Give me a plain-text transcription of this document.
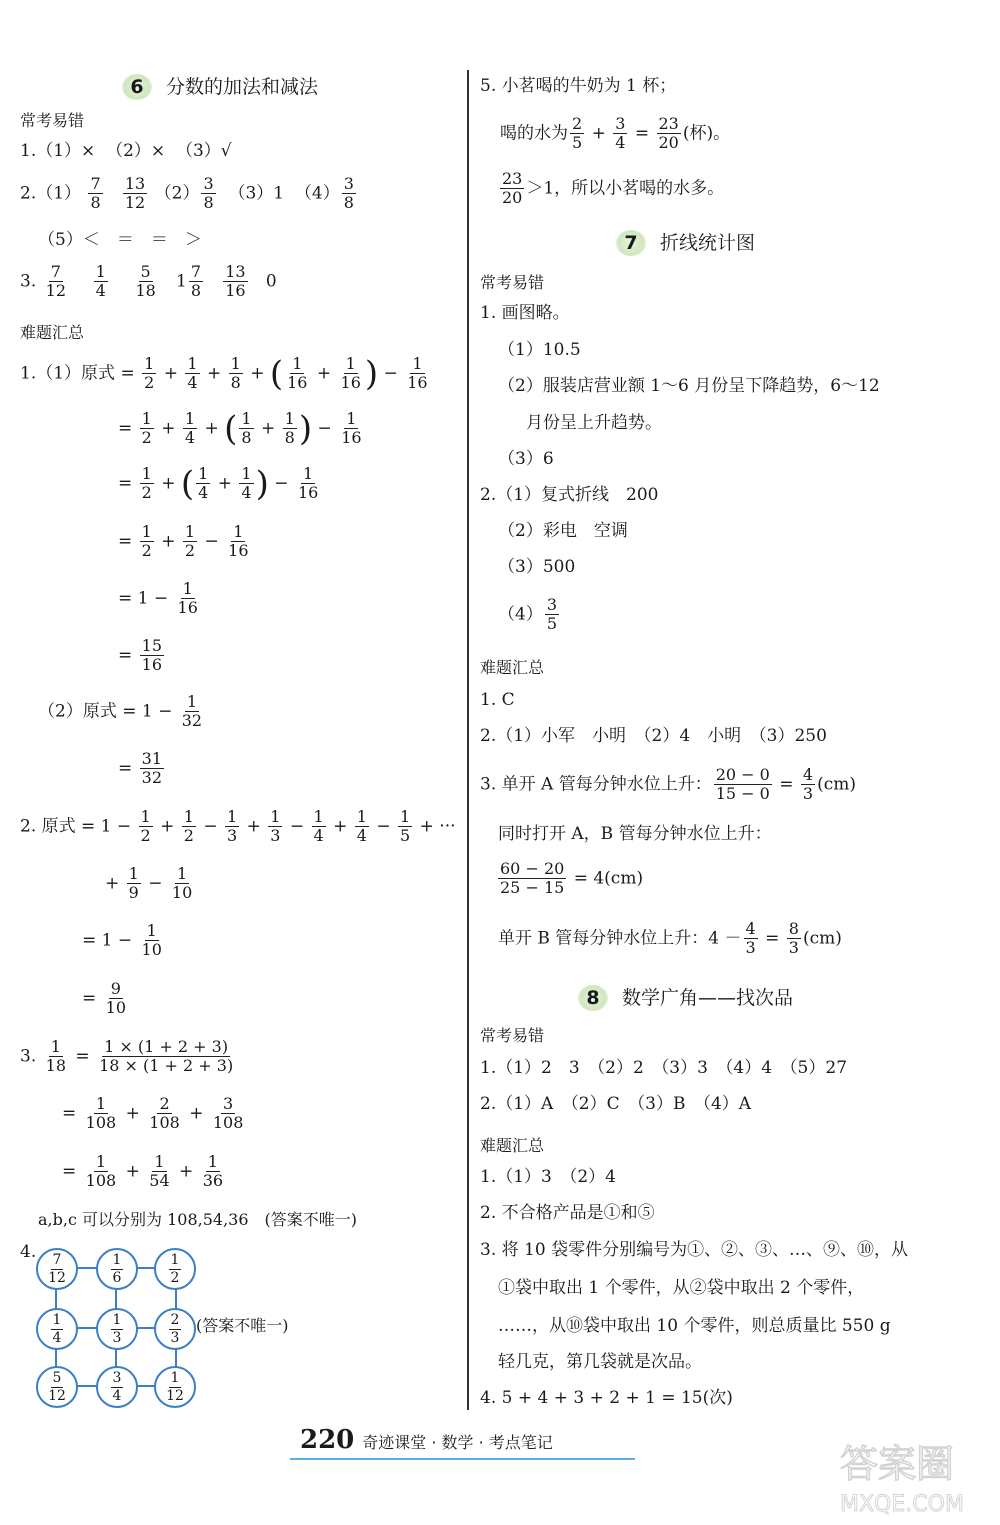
6 分数的加法和减法
常考易错
1.（1）× （2）× （3）√
$2.(1) \frac{7}{8}$
$\frac{13}{12} (2) \frac{3}{8} (3)1$ $(4) \frac{3}{8}$
（5）＜　＝　＝　＞
3. $\frac{7}{12}$
$\frac{1}{4}$
$\frac{5}{18} 1 \frac{7}{8}$
$\frac{13}{16} 0$
难题汇总
1.（1）原式 = $\frac{1}{2} + \frac{1}{4} + \frac{1}{8}$ + ( $\frac{1}{16} + \frac{1}{16}$ ) − $\frac{1}{16}$
= $\frac{1}{2} + \frac{1}{4}$ + ( $\frac{1}{8} + \frac{1}{8}$ ) − $\frac{1}{16}$
= $\frac{1}{2}$ + ( $\frac{1}{4} + \frac{1}{4}$ ) − $\frac{1}{16}$
= $\frac{1}{2} + \frac{1}{2} - \frac{1}{16}$
= $1 - \frac{1}{16}$
= $\frac{15}{16}$
（2）原式 = $1 - \frac{1}{32}$
= $\frac{31}{32}$
2. 原式 = $1 - \frac{1}{2} + \frac{1}{2} - \frac{1}{3} + \frac{1}{3} - \frac{1}{4} + \frac{1}{4} - \frac{1}{5}$ + ···
+ $\frac{1}{9} - \frac{1}{10}$
= $1 - \frac{1}{10}$
= $\frac{9}{10}$
3. $\frac{1}{18} = \frac{1 \times (1 + 2 + 3)}{18 \times (1 + 2 + 3)}$
= $\frac{1}{108} + \frac{2}{108} + \frac{3}{108}$
= $\frac{1}{108} + \frac{1}{54} + \frac{1}{36}$
a,b,c 可以分别为 108,54,36　(答案不唯一)
4. 7
12
1
6
1
2
1
4
1
3
2
3
5
12
3
4
1
12
(答案不唯一)
5. 小茗喝的牛奶为 1 杯；
喝的水为 $\frac{2}{5} + \frac{3}{4} = \frac{23}{20}$ (杯)。
$\frac{23}{20} >1$，所以小茗喝的水多。
7 折线统计图
常考易错
1. 画图略。
（1）10.5
（2）服装店营业额 1～6 月份呈下降趋势，6～12
月份呈上升趋势。
（3）6
2.（1）复式折线　200
（2）彩电　空调
（3）500
$(4) \frac{3}{5}$
难题汇总
1. C
2.（1）小军　小明　（2）4　小明　（3）250
3. 单开 A 管每分钟水位上升： $\frac{20 - 0}{15 - 0} = \frac{4}{3} (cm)$
同时打开 A，B 管每分钟水位上升：
$\frac{60 - 20}{25 - 15} = 4(cm)$
单开 B 管每分钟水位上升：$4 - \frac{4}{3} = \frac{8}{3} (cm)$
8 数学广角——找次品
常考易错
1.（1）2　3　（2）2　（3）3　（4）4　（5）27
2.（1）A　（2）C　（3）B　（4）A
难题汇总
1.（1）3　（2）4
2. 不合格产品是①和⑤
3. 将 10 袋零件分别编号为①、②、③、…、⑨、⑩，从
①袋中取出 1 个零件，从②袋中取出 2 个零件，
……，从⑩袋中取出 10 个零件，则总质量比 550 g
轻几克，第几袋就是次品。
4. 5 + 4 + 3 + 2 + 1 = 15(次)
220 奇迹课堂 · 数学 · 考点笔记	答案圈
MXQE.COM
